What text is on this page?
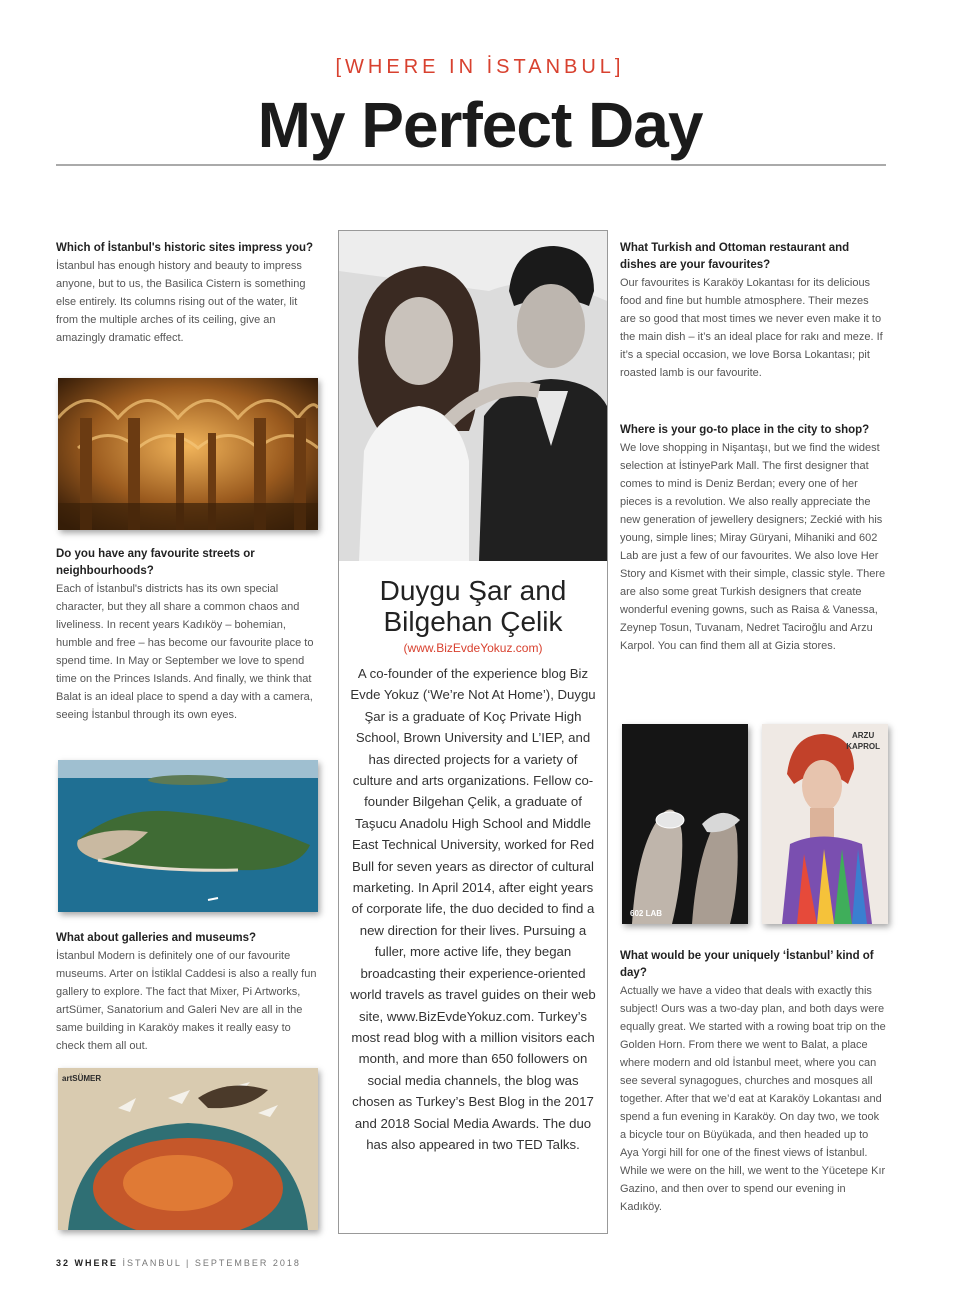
[WHERE IN İSTANBUL]
My Perfect Day

Which of İstanbul's historic sites impress you?

İstanbul has enough history and beauty to impress anyone, but to us, the Basilica Cistern is something else entirely. Its columns rising out of the water, lit from the multiple arches of its ceiling, give an amazingly dramatic effect.

Do you have any favourite streets or neighbourhoods?

Each of İstanbul's districts has its own special character, but they all share a common chaos and liveliness. In recent years Kadıköy – bohemian, humble and free – has become our favourite place to spend time. In May or September we love to spend time on the Princes Islands. And finally, we think that Balat is an ideal place to spend a day with a camera, seeing İstanbul through its own eyes.

What about galleries and museums?

İstanbul Modern is definitely one of our favourite museums. Arter on İstiklal Caddesi is also a really fun gallery to explore. The fact that Mixer, Pi Artworks, artSümer, Sanatorium and Galeri Nev are all in the same building in Karaköy makes it really easy to check them all out.

artSÜMER
Duygu Şar and
Bilgehan Çelik
(www.BizEvdeYokuz.com)
A co-founder of the experience blog Biz Evde Yokuz (‘We’re Not At Home’), Duygu Şar is a graduate of Koç Private High School, Brown University and L’IEP, and has directed projects for a variety of culture and arts organizations. Fellow co-founder Bilgehan Çelik, a graduate of Taşucu Anadolu High School and Middle East Technical University, worked for Red Bull for seven years as director of cultural marketing. In April 2014, after eight years of corporate life, the duo decided to find a new direction for their lives. Pursuing a fuller, more active life, they began broadcasting their experience-oriented world travels as travel guides on their web site, www.BizEvdeYokuz.com. Turkey’s most read blog with a million visitors each month, and more than 650 followers on social media channels, the blog was chosen as Turkey’s Best Blog in the 2017 and 2018 Social Media Awards. The duo has also appeared in two TED Talks.

What Turkish and Ottoman restaurant and dishes are your favourites?

Our favourites is Karaköy Lokantası for its delicious food and fine but humble atmosphere. Their mezes are so good that most times we never even make it to the main dish – it’s an ideal place for rakı and meze. If it’s a special occasion, we love Borsa Lokantası; pit roasted lamb is our favourite.

Where is your go-to place in the city to shop?

We love shopping in Nişantaşı, but we find the widest selection at İstinyePark Mall. The first designer that comes to mind is Deniz Berdan; every one of her pieces is a revolution. We also really appreciate the new generation of jewellery designers; Zeckié with his young, simple lines; Miray Güryani, Mihaniki and 602 Lab are just a few of our favourites. We also love Her Story and Kismet with their simple, classic style. There are also some great Turkish designers that create wonderful evening gowns, such as Raisa & Vanessa, Zeynep Tosun, Tuvanam, Nedret Taciroğlu and Arzu Karpol. You can find them all at Gizia stores.

602 LAB
ARZU
KAPROL

What would be your uniquely ‘İstanbul’ kind of day?

Actually we have a video that deals with exactly this subject! Ours was a two-day plan, and both days were equally great. We started with a rowing boat trip on the Golden Horn. From there we went to Balat, a place where modern and old İstanbul meet, where you can see several synagogues, churches and mosques all together. After that we’d eat at Karaköy Lokantası and spend a fun evening in Karaköy. On day two, we took a bicycle tour on Büyükada, and then headed up to Aya Yorgi hill for one of the finest views of İstanbul. While we were on the hill, we went to the Yücetepe Kır Gazino, and then over to spend our evening in Kadıköy.

32 WHERE İSTANBUL | SEPTEMBER 2018
